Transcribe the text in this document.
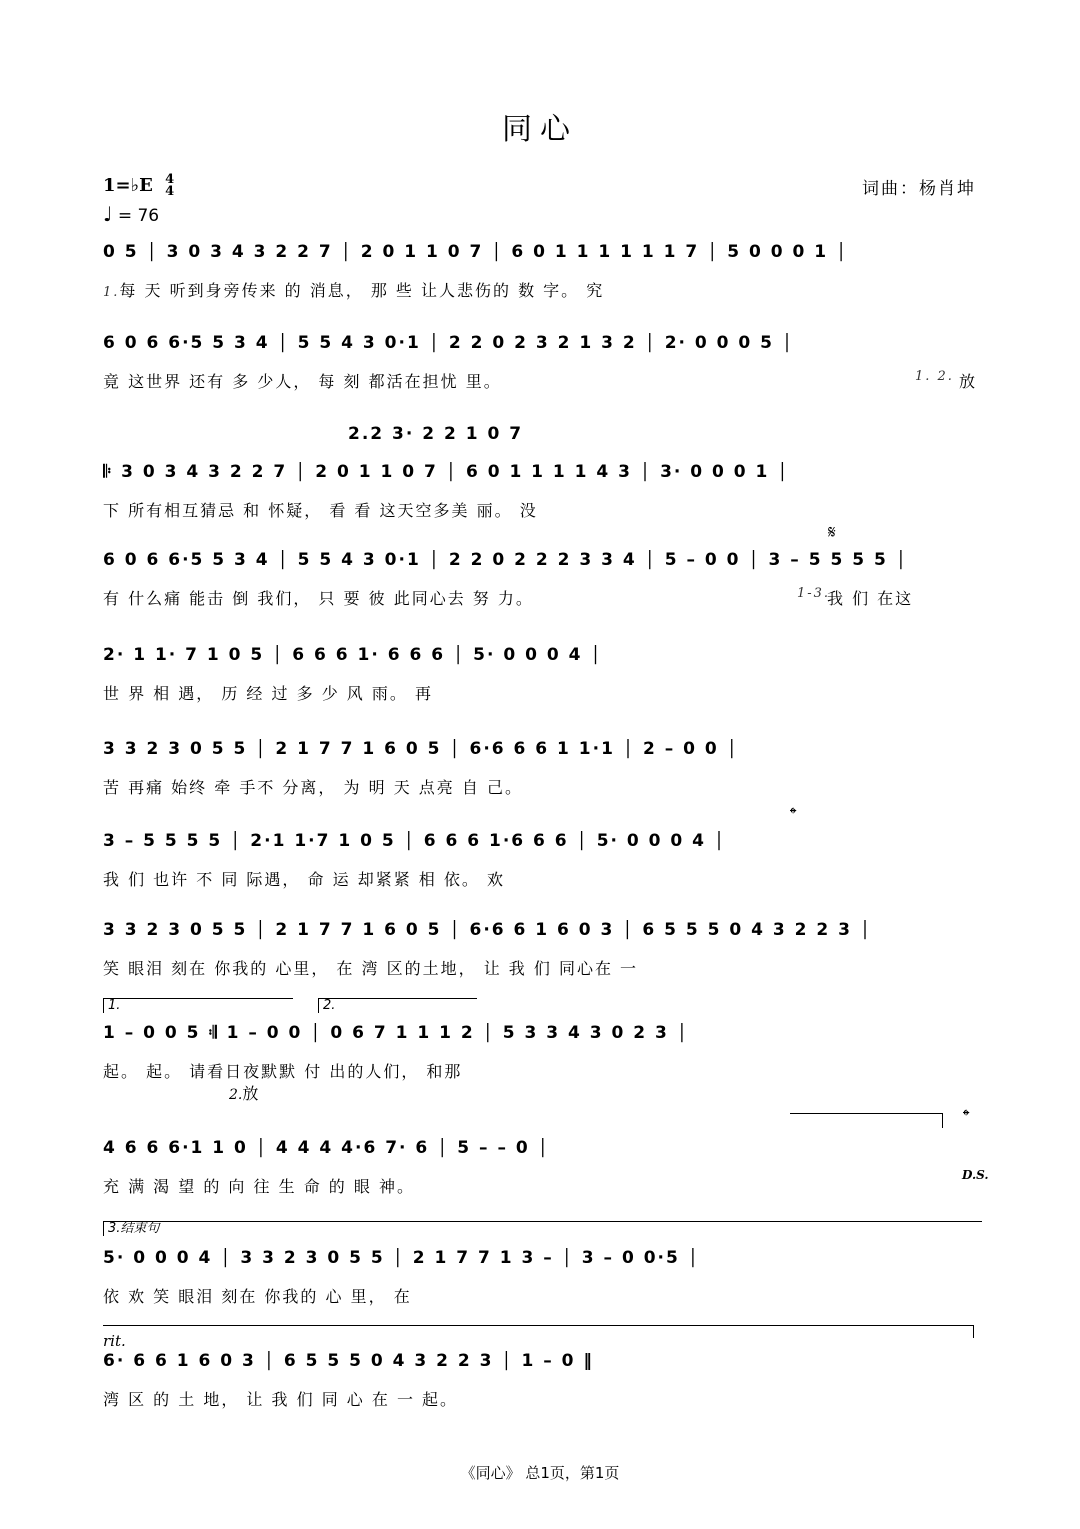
同心
1=♭E 4
4
♩ = 76
词曲：杨肖坤
0 5 │ 3 0 3 4 3 2 2 7 │ 2 0 1 1 0 7 │ 6 0 1 1 1 1 1 1 7 │ 5 0 0 0 1 │
1.每 天 听到身旁传来 的 消息， 那 些 让人悲伤的 数 字。 究
6 0 6 6·5 5 3 4 │ 5 5 4 3 0·1 │ 2 2 0 2 3 2 1 3 2 │ 2· 0 0 0 5 │
竟 这世界 还有 多 少人， 每 刻 都活在担忧 里。	1. 2. 放
2.2 3· 2 2 1 0 7
𝄆 3 0 3 4 3 2 2 7 │ 2 0 1 1 0 7 │ 6 0 1 1 1 1 4 3 │ 3· 0 0 0 1 │
下 所有相互猜忌 和 怀疑， 看 看 这天空多美 丽。 没
𝄋
6 0 6 6·5 5 3 4 │ 5 5 4 3 0·1 │ 2 2 0 2 2 2 3 3 4 │ 5 – 0 0 │ 3 – 5 5 5 5 │
有 什么痛 能击 倒 我们， 只 要 彼 此同心去 努 力。	1-3.
我 们 在这
2· 1 1· 7 1 0 5 │ 6 6 6 1· 6 6 6 │ 5· 0 0 0 4 │
世 界 相 遇， 历 经 过 多 少 风 雨。 再
3 3 2 3 0 5 5 │ 2 1 7 7 1 6 0 5 │ 6·6 6 6 1 1·1 │ 2 – 0 0 │
苦 再痛 始终 牵 手不 分离， 为 明 天 点亮 自 己。
𝄌
3 – 5 5 5 5 │ 2·1 1·7 1 0 5 │ 6 6 6 1·6 6 6 │ 5· 0 0 0 4 │
我 们 也许 不 同 际遇， 命 运 却紧紧 相 依。 欢
3 3 2 3 0 5 5 │ 2 1 7 7 1 6 0 5 │ 6·6 6 1 6 0 3 │ 6 5 5 5 0 4 3 2 2 3 │
笑 眼泪 刻在 你我的 心里， 在 湾 区的土地， 让 我 们 同心在 一
1.	2.
1 – 0 0 5 𝄇 1 – 0 0 │ 0 6 7 1 1 1 2 │ 5 3 3 4 3 0 2 3 │
起。 起。 请看日夜默默 付 出的人们， 和那
2.放
𝄌
D.S.
4 6 6 6·1 1 0 │ 4 4 4 4·6 7· 6 │ 5 – – 0 │
充 满 渴 望 的 向 往 生 命 的 眼 神。
3.结束句
5· 0 0 0 4 │ 3 3 2 3 0 5 5 │ 2 1 7 7 1 3 – │ 3 – 0 0·5 │
依 欢 笑 眼泪 刻在 你我的 心 里， 在
rit.
6· 6 6 1 6 0 3 │ 6 5 5 5 0 4 3 2 2 3 │ 1 – 0 ‖
湾 区 的 土 地， 让 我 们 同 心 在 一 起。
《同心》 总1页，第1页
